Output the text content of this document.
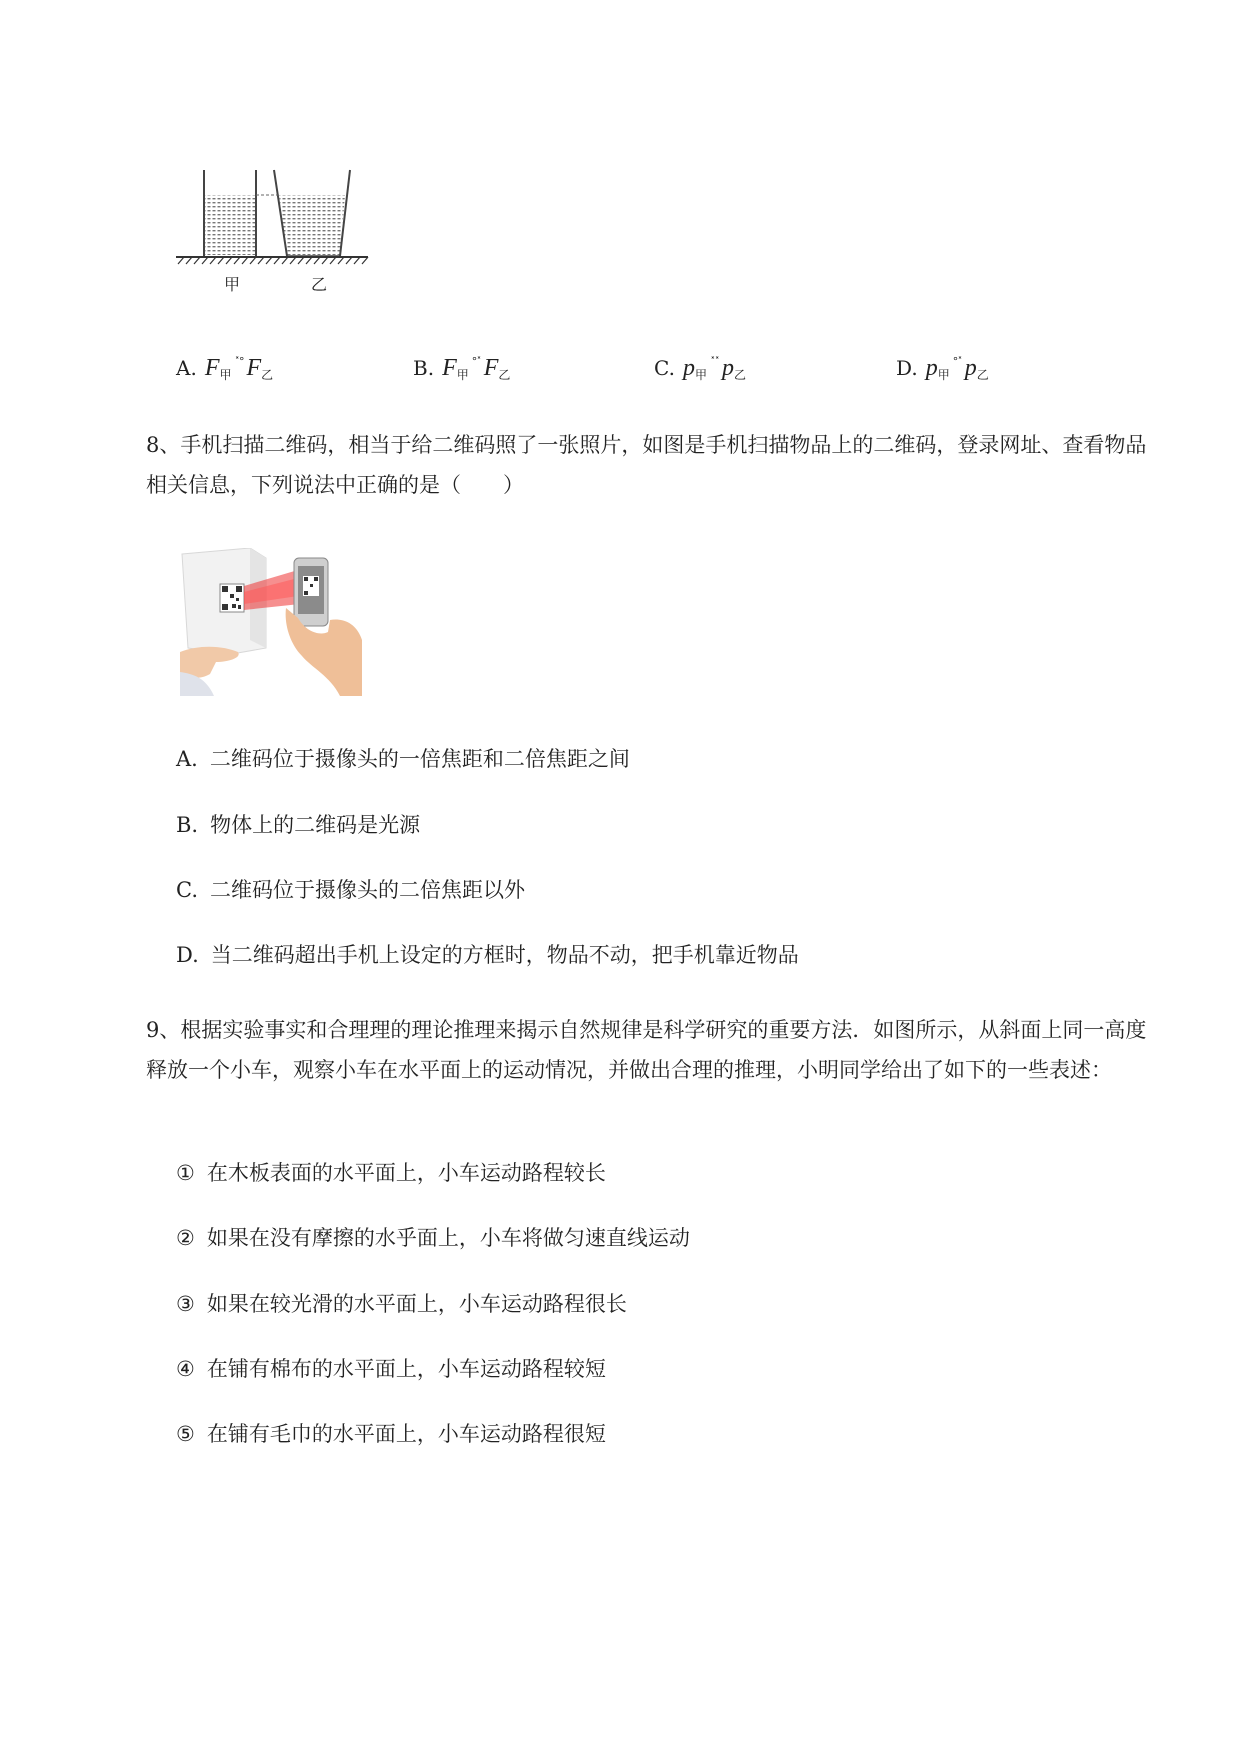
甲	乙
A. $F_甲^{˟^\circ}$ $F_乙$	B. $F_甲^{^\circ˟}$ $F_乙$	C. $p_甲^{˟˟}$ $p_乙$	D. $p_甲^{^\circ˟}$ $p_乙$
8、手机扫描二维码，相当于给二维码照了一张照片，如图是手机扫描物品上的二维码，登录网址、查看物品相关信息，下列说法中正确的是（　　）
A. 二维码位于摄像头的一倍焦距和二倍焦距之间
B. 物体上的二维码是光源
C. 二维码位于摄像头的二倍焦距以外
D. 当二维码超出手机上设定的方框时，物品不动，把手机靠近物品
9、根据实验事实和合理理的理论推理来揭示自然规律是科学研究的重要方法．如图所示，从斜面上同一高度释放一个小车，观察小车在水平面上的运动情况，并做出合理的推理，小明同学给出了如下的一些表述：
① 在木板表面的水平面上，小车运动路程较长
② 如果在没有摩擦的水乎面上，小车将做匀速直线运动
③ 如果在较光滑的水平面上，小车运动路程很长
④ 在铺有棉布的水平面上，小车运动路程较短
⑤ 在铺有毛巾的水平面上，小车运动路程很短
